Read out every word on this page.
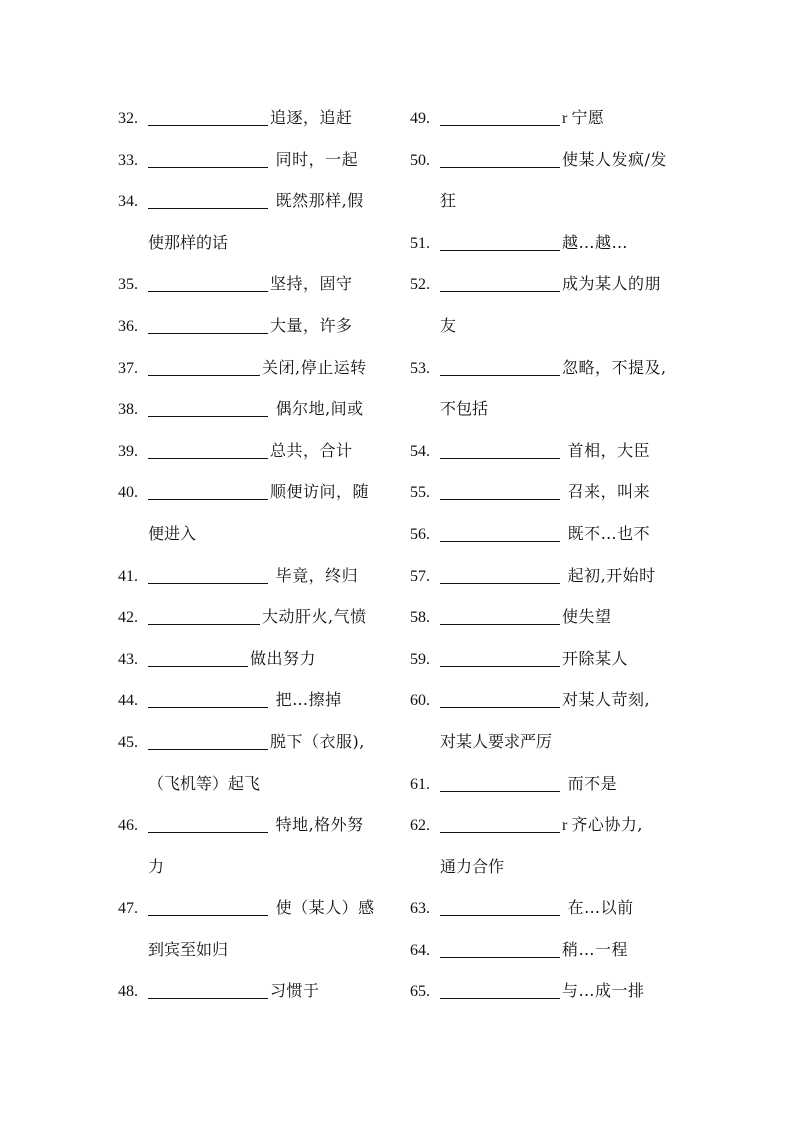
32.	追逐，追赶
33.	同时，一起
34.	既然那样,假
使那样的话
35.	坚持，固守
36.	大量，许多
37.	关闭,停止运转
38.	偶尔地,间或
39.	总共，合计
40.	顺便访问，随
便进入
41.	毕竟，终归
42.	大动肝火,气愤
43.	做出努力
44.	把…擦掉
45.	脱下（衣服),
（飞机等）起飞
46.	特地,格外努
力
47.	使（某人）感
到宾至如归
48.	习惯于
49.	r 宁愿
50.	使某人发疯/发
狂
51.	越…越…
52.	成为某人的朋
友
53.	忽略，不提及,
不包括
54.	首相，大臣
55.	召来，叫来
56.	既不…也不
57.	起初,开始时
58.	使失望
59.	开除某人
60.	对某人苛刻,
对某人要求严厉
61.	而不是
62.	r 齐心协力,
通力合作
63.	在…以前
64.	稍…一程
65.	与…成一排
